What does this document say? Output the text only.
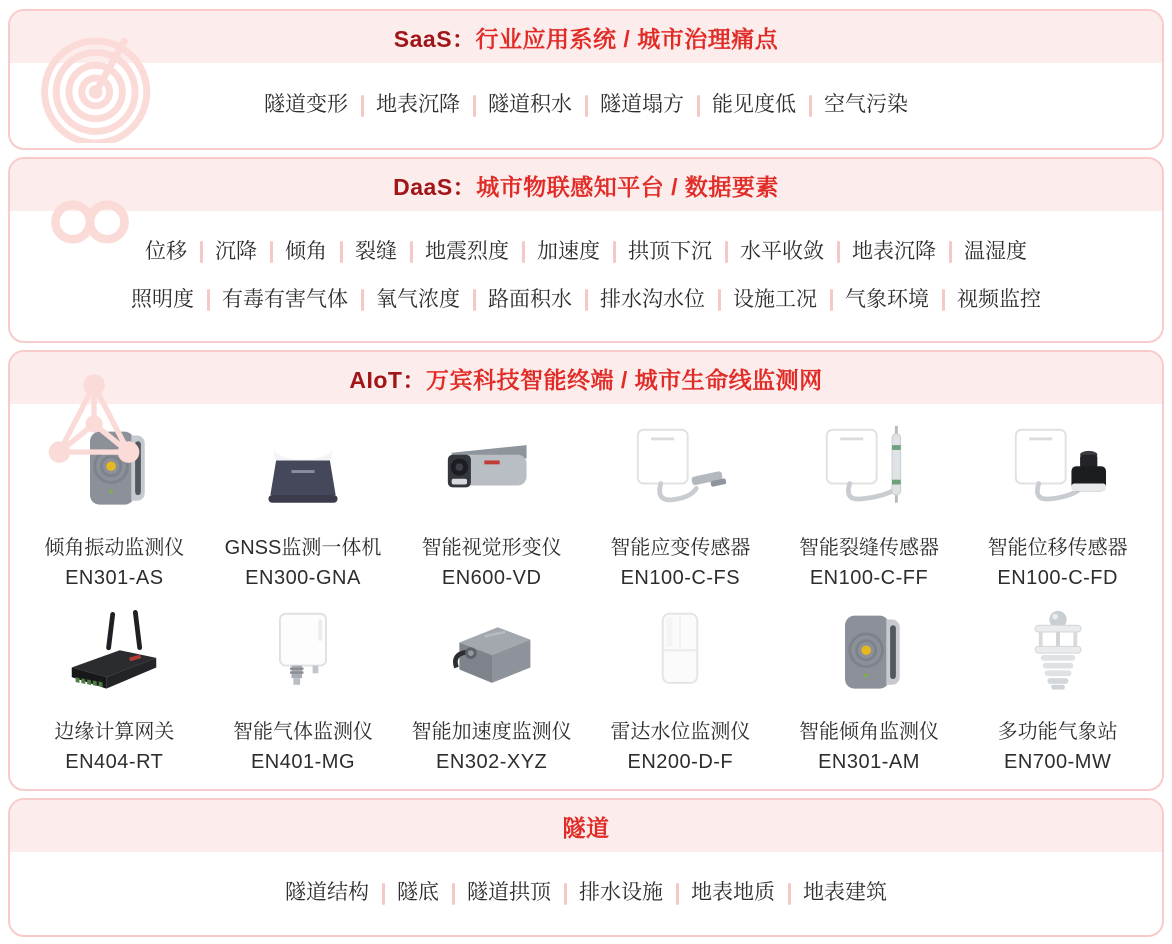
SaaS：行业应用系统 / 城市治理痛点
隧道变形	地表沉降	隧道积水	隧道塌方	能见度低	空气污染
DaaS：城市物联感知平台 / 数据要素
位移	沉降	倾角	裂缝	地震烈度	加速度	拱顶下沉	水平收敛	地表沉降	温湿度
照明度	有毒有害气体	氧气浓度	路面积水	排水沟水位	设施工况	气象环境	视频监控
AIoT：万宾科技智能终端 / 城市生命线监测网
倾角振动监测仪
EN301-AS
GNSS监测一体机
EN300-GNA
智能视觉形变仪
EN600-VD
智能应变传感器
EN100-C-FS
智能裂缝传感器
EN100-C-FF
智能位移传感器
EN100-C-FD
边缘计算网关
EN404-RT
智能气体监测仪
EN401-MG
智能加速度监测仪
EN302-XYZ
雷达水位监测仪
EN200-D-F
智能倾角监测仪
EN301-AM
多功能气象站
EN700-MW
隧道
隧道结构	隧底	隧道拱顶	排水设施	地表地质	地表建筑
